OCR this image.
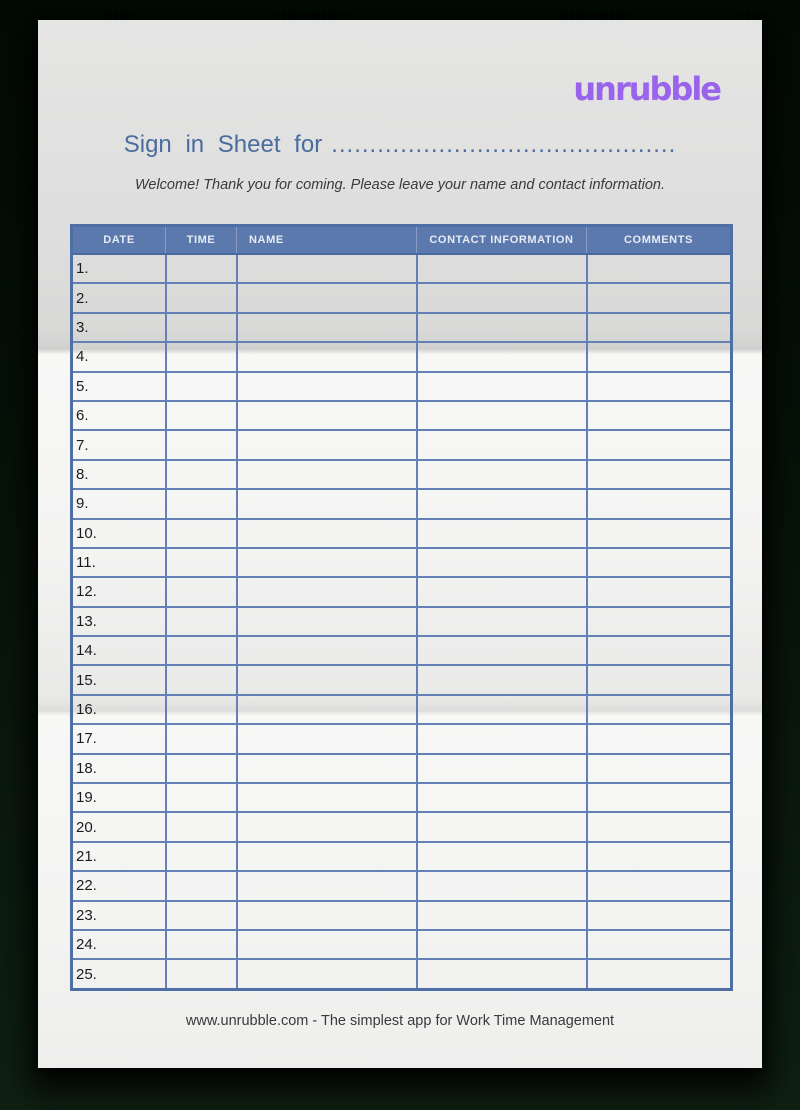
unrubble
Sign in Sheet for .............................................

Welcome! Thank you for coming. Please leave your name and contact information.

DATE	TIME	NAME	CONTACT INFORMATION	COMMENTS
1.				
2.				
3.				
4.				
5.				
6.				
7.				
8.				
9.				
10.				
11.				
12.				
13.				
14.				
15.				
16.				
17.				
18.				
19.				
20.				
21.				
22.				
23.				
24.				
25.				
www.unrubble.com - The simplest app for Work Time Management
